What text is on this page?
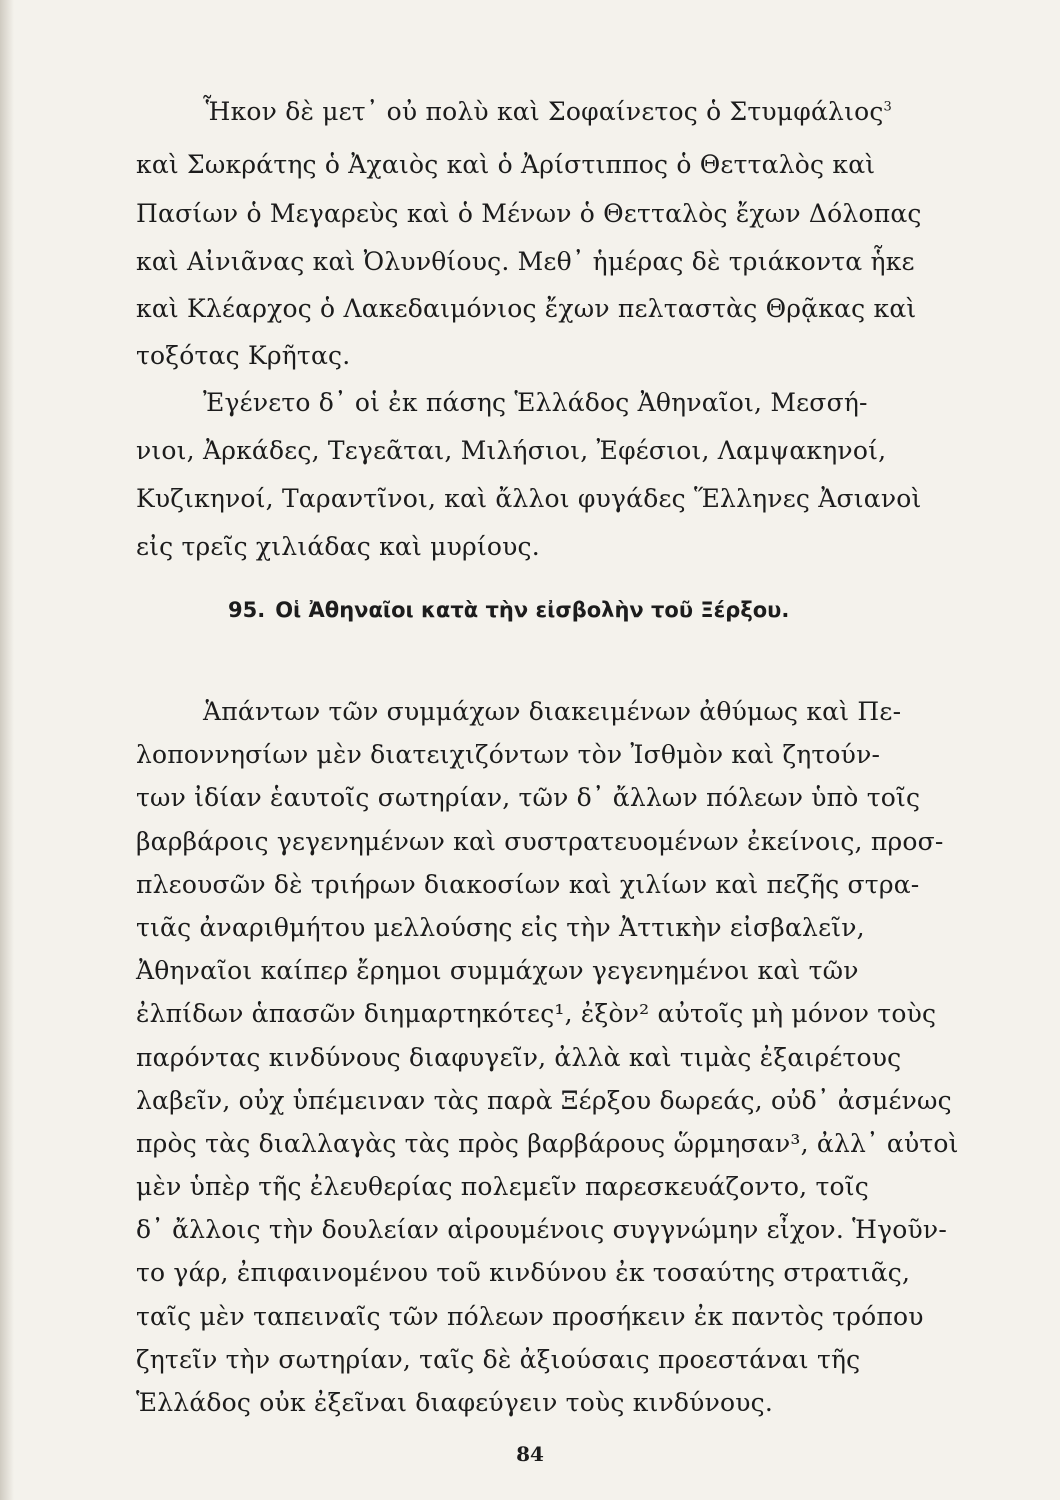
Ἧκον δὲ μετ᾽ οὐ πολὺ καὶ Σοφαίνετος ὁ Στυμφάλιος$^3$
καὶ Σωκράτης ὁ Ἀχαιὸς καὶ ὁ Ἀρίστιππος ὁ Θετταλὸς καὶ
Πασίων ὁ Μεγαρεὺς καὶ ὁ Μένων ὁ Θετταλὸς ἔχων Δόλοπας
καὶ Αἰνιᾶνας καὶ Ὀλυνθίους. Μεθ᾽ ἡμέρας δὲ τριάκοντα ἧκε
καὶ Κλέαρχος ὁ Λακεδαιμόνιος ἔχων πελταστὰς Θρᾷκας καὶ
τοξότας Κρῆτας.
Ἐγένετο δ᾽ οἱ ἐκ πάσης Ἑλλάδος Ἀθηναῖοι, Μεσσή-
νιοι, Ἀρκάδες, Τεγεᾶται, Μιλήσιοι, Ἐφέσιοι, Λαμψακηνοί,
Κυζικηνοί, Ταραντῖνοι, καὶ ἄλλοι φυγάδες Ἕλληνες Ἀσιανοὶ
εἰς τρεῖς χιλιάδας καὶ μυρίους.
95. Οἱ Ἀθηναῖοι κατὰ τὴν εἰσβολὴν τοῦ Ξέρξου.
Ἁπάντων τῶν συμμάχων διακειμένων ἀθύμως καὶ Πε-
λοποννησίων μὲν διατειχιζόντων τὸν Ἰσθμὸν καὶ ζητούν-
των ἰδίαν ἑαυτοῖς σωτηρίαν, τῶν δ᾽ ἄλλων πόλεων ὑπὸ τοῖς
βαρβάροις γεγενημένων καὶ συστρατευομένων ἐκείνοις, προσ-
πλεουσῶν δὲ τριήρων διακοσίων καὶ χιλίων καὶ πεζῆς στρα-
τιᾶς ἀναριθμήτου μελλούσης εἰς τὴν Ἀττικὴν εἰσβαλεῖν,
Ἀθηναῖοι καίπερ ἔρημοι συμμάχων γεγενημένοι καὶ τῶν
ἐλπίδων ἁπασῶν διημαρτηκότες¹, ἐξὸν² αὐτοῖς μὴ μόνον τοὺς
παρόντας κινδύνους διαφυγεῖν, ἀλλὰ καὶ τιμὰς ἐξαιρέτους
λαβεῖν, οὐχ ὑπέμειναν τὰς παρὰ Ξέρξου δωρεάς, οὐδ᾽ ἀσμένως
πρὸς τὰς διαλλαγὰς τὰς πρὸς βαρβάρους ὥρμησαν³, ἀλλ᾽ αὐτοὶ
μὲν ὑπὲρ τῆς ἐλευθερίας πολεμεῖν παρεσκευάζοντο, τοῖς
δ᾽ ἄλλοις τὴν δουλείαν αἱρουμένοις συγγνώμην εἶχον. Ἡγοῦν-
το γάρ, ἐπιφαινομένου τοῦ κινδύνου ἐκ τοσαύτης στρατιᾶς,
ταῖς μὲν ταπειναῖς τῶν πόλεων προσήκειν ἐκ παντὸς τρόπου
ζητεῖν τὴν σωτηρίαν, ταῖς δὲ ἀξιούσαις προεστάναι τῆς
Ἑλλάδος οὐκ ἐξεῖναι διαφεύγειν τοὺς κινδύνους.
84
